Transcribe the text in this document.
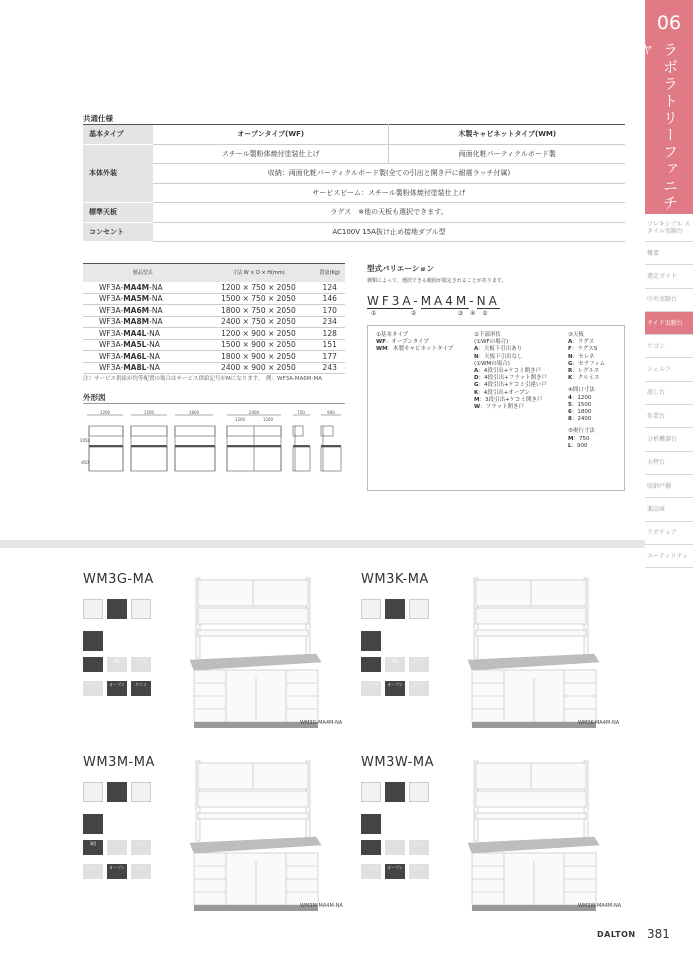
06
ラボラトリーファニチャー
フレキシブル スタイル実験台
概要
選定ガイド
中央実験台
サイド実験台
ワゴン
シェルフ
流し台
作業台
分析機器台
天秤台
収納戸棚
薬品庫
ラボチェア
ユーティリティ
共通仕様
基本タイプ	オープンタイプ(WF)	木製キャビネットタイプ(WM)
本体外装	スチール製粉体焼付塗装仕上げ	両面化粧パーティクルボード製
	収納：両面化粧パーティクルボード製(全ての引出と開き戸に耐震ラッチ付属)	
	サービスビーム：スチール製粉体焼付塗装仕上げ	
標準天板	ラグス　※他の天板も選択できます。	
コンセント	AC100V 15A抜け止め接地ダブル型	
製品型式	寸法 W × D × H(mm)	質量(Kg)
WF3A-MA4M-NA	1200 × 750 × 2050	124
WF3A-MA5M-NA	1500 × 750 × 2050	146
WF3A-MA6M-NA	1800 × 750 × 2050	170
WF3A-MA8M-NA	2400 × 750 × 2050	234
WF3A-MA4L-NA	1200 × 900 × 2050	128
WF3A-MA5L-NA	1500 × 900 × 2050	151
WF3A-MA6L-NA	1800 × 900 × 2050	177
WF3A-MA8L-NA	2400 × 900 × 2050	243
注）サービス供給が均等配置の場合はサービス供給記号がMになります。　例：WF3A-MA6M-MA
外形図
1200	1500	1800	2400	750	900
1200	1200
2050
850
型式バリエーション
種類によって、選択できる範囲が限定されることがあります。
WF3A-MA4M-NA
①     ②      ③ ④ ⑤
①基本タイプ
WF：オープンタイプ
WM：木製キャビネットタイプ
②下部形状
(①WFの場合)
A：天板下引出あり
N：天板下引出なし
(①WMの場合)
A：4段引出+ケコミ開き戸
D：4段引出+フラット開き戸
G：4段引出+ケコミ引違い戸
K：4段引出+オープン
M：3段引出+ケコミ開き戸
W：フラット開き戸
③天板
A：ラグス
F：ラグスS
N：セレネ
G：セラフィム
R：レグルス
K：クルミス
④間口寸法
4：1200
5：1500
6：1800
8：2400
⑤奥行寸法
M：750
L：900
WM3G-MA
4段	ケコミ
フラット	オープン	ケコミ
WM3G-MA4M-NA
WM3K-MA
4段	ケコミ
フラット	オープン	ケコミ
WM3K-MA4M-NA
WM3M-MA
3段	ケコミ
フラット	オープン	ケコミ
WM3M-MA4M-NA
WM3W-MA
ケコミ
フラット	オープン	ケコミ
WM3W-MA4M-NA
DALTON 381
